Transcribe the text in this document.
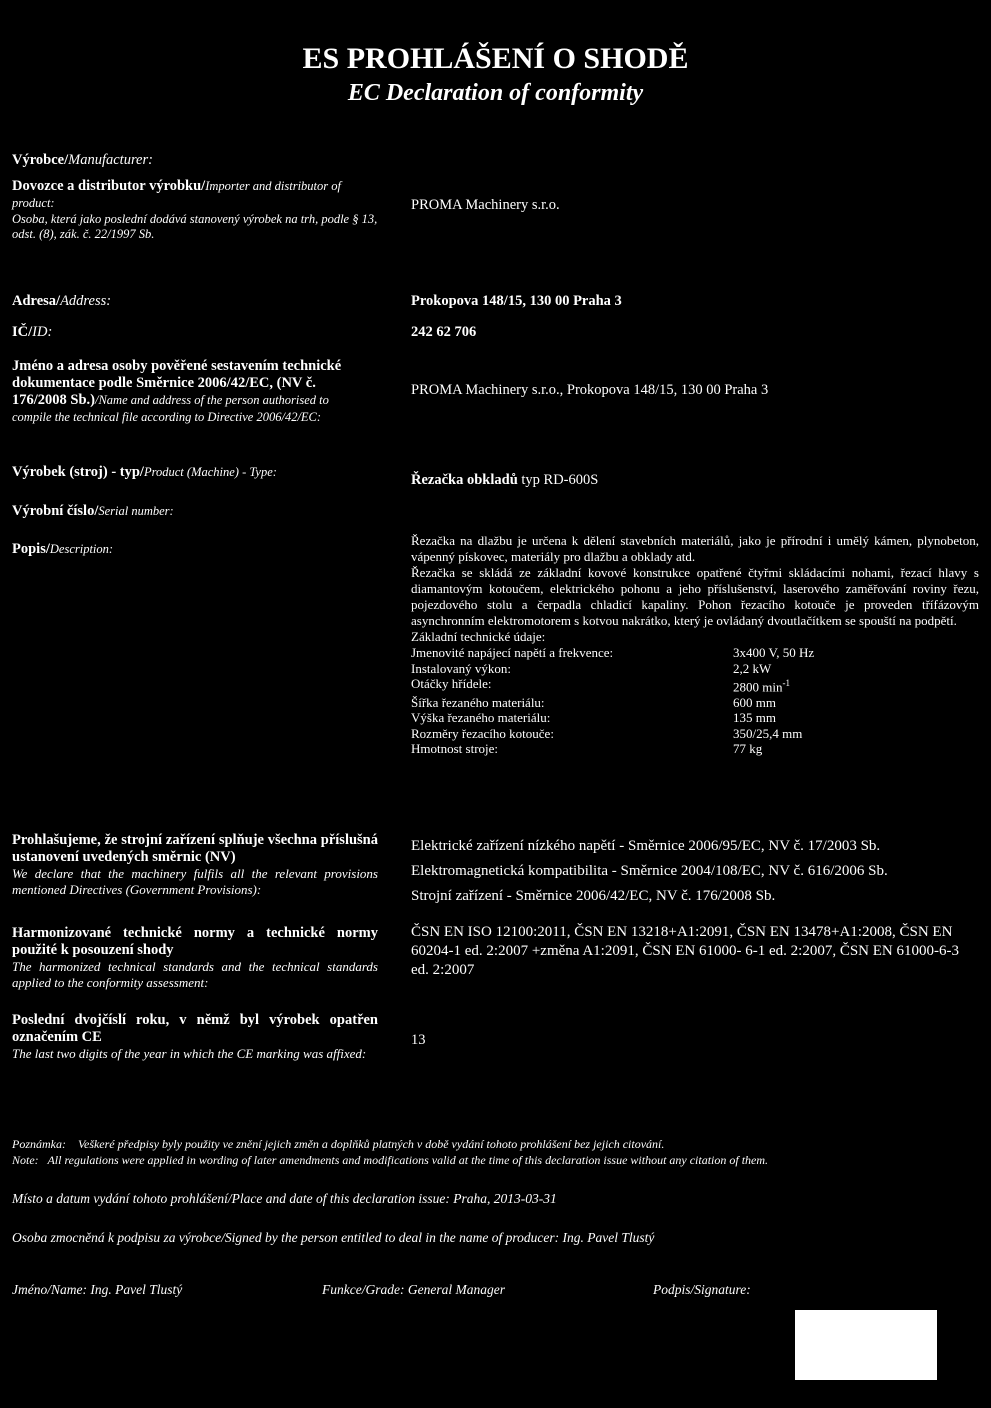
ES PROHLÁŠENÍ O SHODĚ
EC Declaration of conformity
Výrobce/Manufacturer:
Dovozce a distributor výrobku/Importer and distributor of product:
Osoba, která jako poslední dodává stanovený výrobek na trh, podle § 13, odst. (8), zák. č. 22/1997 Sb.
PROMA Machinery s.r.o.
Adresa/Address:	Prokopova 148/15, 130 00 Praha 3
IČ/ID:	242 62 706
Jméno a adresa osoby pověřené sestavením technické dokumentace podle Směrnice 2006/42/EC, (NV č. 176/2008 Sb.)/Name and address of the person authorised to compile the technical file according to Directive 2006/42/EC:
PROMA Machinery s.r.o., Prokopova 148/15, 130 00 Praha 3
Výrobek (stroj) - typ/Product (Machine) - Type:	Řezačka obkladů typ RD-600S
Výrobní číslo/Serial number:
Popis/Description:
Řezačka na dlažbu je určena k dělení stavebních materiálů, jako je přírodní i umělý kámen, plynobeton, vápenný pískovec, materiály pro dlažbu a obklady atd.
Řezačka se skládá ze základní kovové konstrukce opatřené čtyřmi skládacími nohami, řezací hlavy s diamantovým kotoučem, elektrického pohonu a jeho příslušenství, laserového zaměřování roviny řezu, pojezdového stolu a čerpadla chladicí kapaliny. Pohon řezacího kotouče je proveden třífázovým asynchronním elektromotorem s kotvou nakrátko, který je ovládaný dvoutlačítkem se spouští na podpětí.
Základní technické údaje:
Jmenovité napájecí napětí a frekvence:	3x400 V, 50 Hz
Instalovaný výkon:	2,2 kW
Otáčky hřídele:	2800 $\min^{-1}$
Šířka řezaného materiálu:	600 mm
Výška řezaného materiálu:	135 mm
Rozměry řezacího kotouče:	350/25,4 mm
Hmotnost stroje:	77 kg
Prohlašujeme, že strojní zařízení splňuje všechna příslušná ustanovení uvedených směrnic (NV)
We declare that the machinery fulfils all the relevant provisions mentioned Directives (Government Provisions):
Elektrické zařízení nízkého napětí - Směrnice 2006/95/EC, NV č. 17/2003 Sb.
Elektromagnetická kompatibilita - Směrnice 2004/108/EC, NV č. 616/2006 Sb.
Strojní zařízení - Směrnice 2006/42/EC, NV č. 176/2008 Sb.
Harmonizované technické normy a technické normy použité k posouzení shody
The harmonized technical standards and the technical standards applied to the conformity assessment:
ČSN EN ISO 12100:2011, ČSN EN 13218+A1:2091, ČSN EN 13478+A1:2008, ČSN EN 60204-1 ed. 2:2007 +změna A1:2091, ČSN EN 61000- 6-1 ed. 2:2007, ČSN EN 61000-6-3 ed. 2:2007
Poslední dvojčíslí roku, v němž byl výrobek opatřen označením CE
The last two digits of the year in which the CE marking was affixed:
13
Poznámka:    Veškeré předpisy byly použity ve znění jejich změn a doplňků platných v době vydání tohoto prohlášení bez jejich citování.
Note:   All regulations were applied in wording of later amendments and modifications valid at the time of this declaration issue without any citation of them.
Místo a datum vydání tohoto prohlášení/Place and date of this declaration issue: Praha, 2013-03-31
Osoba zmocněná k podpisu za výrobce/Signed by the person entitled to deal in the name of producer: Ing. Pavel Tlustý
Jméno/Name: Ing. Pavel Tlustý	Funkce/Grade: General Manager	Podpis/Signature:
